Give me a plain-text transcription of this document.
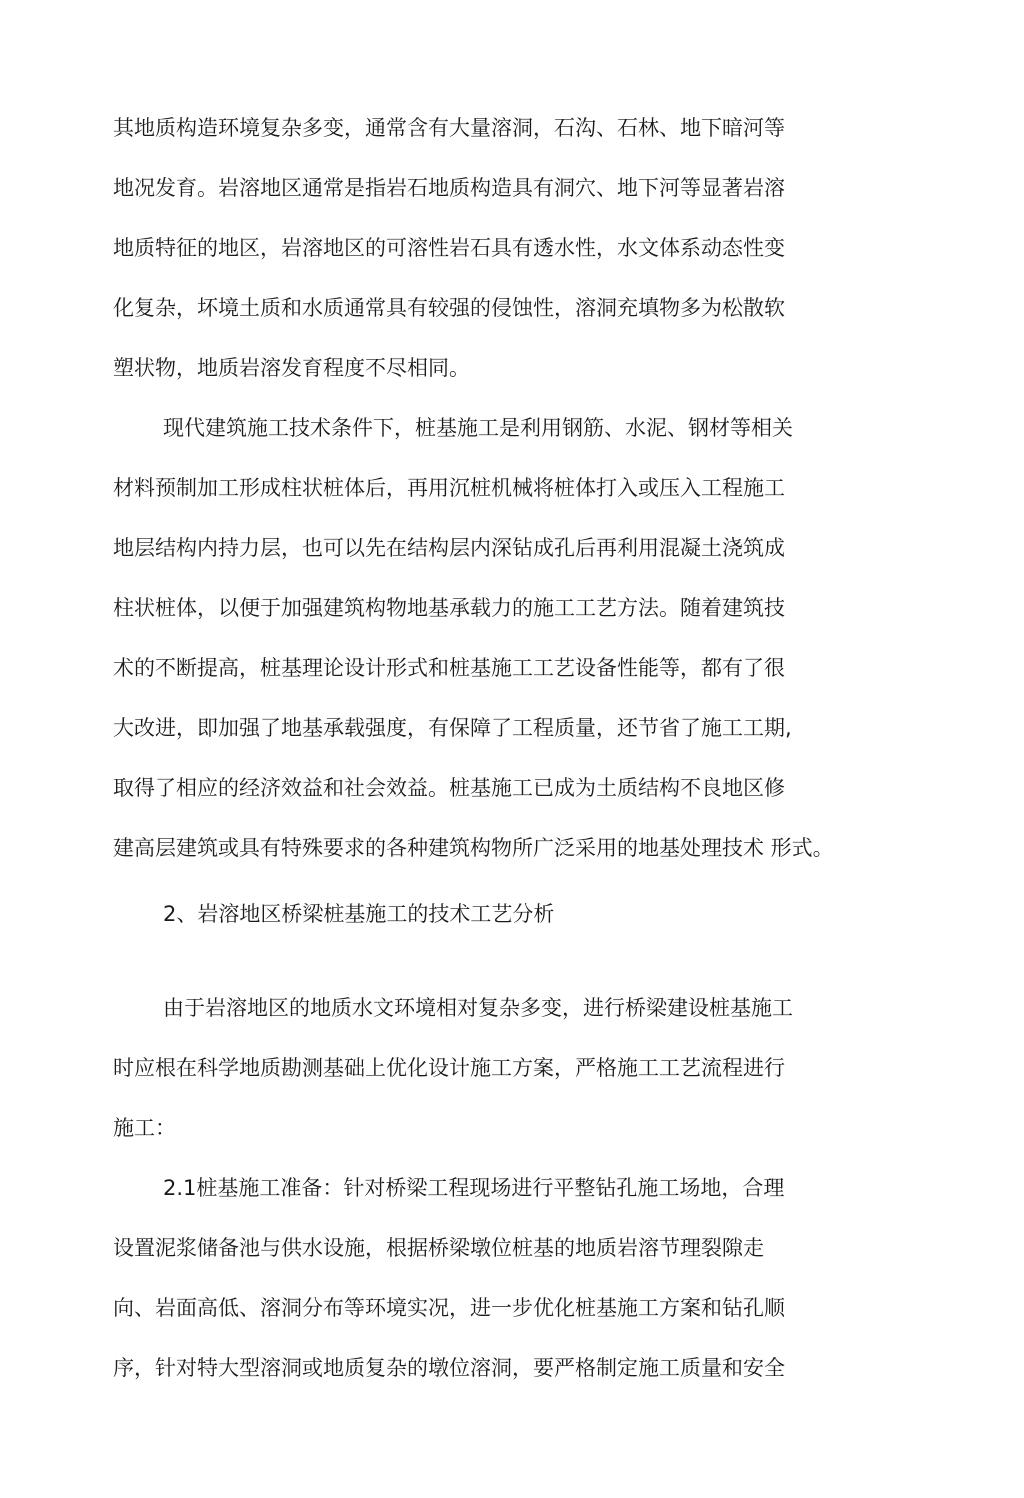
其地质构造环境复杂多变，通常含有大量溶洞，石沟、石林、地下暗河等
地况发育。岩溶地区通常是指岩石地质构造具有洞穴、地下河等显著岩溶
地质特征的地区，岩溶地区的可溶性岩石具有透水性，水文体系动态性变
化复杂，坏境土质和水质通常具有较强的侵蚀性，溶洞充填物多为松散软
塑状物，地质岩溶发育程度不尽相同。
现代建筑施工技术条件下，桩基施工是利用钢筋、水泥、钢材等相关
材料预制加工形成柱状桩体后，再用沉桩机械将桩体打入或压入工程施工
地层结构内持力层，也可以先在结构层内深钻成孔后再利用混凝土浇筑成
柱状桩体，以便于加强建筑构物地基承载力的施工工艺方法。随着建筑技
术的不断提高，桩基理论设计形式和桩基施工工艺设备性能等，都有了很
大改进，即加强了地基承载强度，有保障了工程质量，还节省了施工工期,
取得了相应的经济效益和社会效益。桩基施工已成为土质结构不良地区修
建高层建筑或具有特殊要求的各种建筑构物所广泛采用的地基处理技术 形式。
2、岩溶地区桥梁桩基施工的技术工艺分析
由于岩溶地区的地质水文环境相对复杂多变，进行桥梁建设桩基施工
时应根在科学地质勘测基础上优化设计施工方案，严格施工工艺流程进行
施工：
2.1桩基施工准备：针对桥梁工程现场进行平整钻孔施工场地，合理
设置泥浆储备池与供水设施，根据桥梁墩位桩基的地质岩溶节理裂隙走
向、岩面高低、溶洞分布等环境实况，进一步优化桩基施工方案和钻孔顺
序，针对特大型溶洞或地质复杂的墩位溶洞，要严格制定施工质量和安全
